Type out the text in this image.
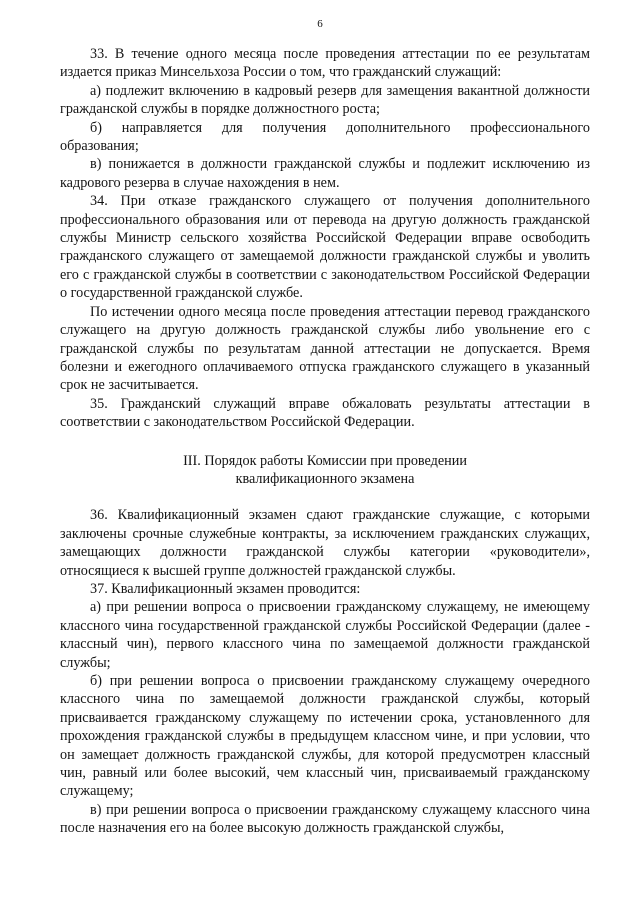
6

33. В течение одного месяца после проведения аттестации по ее результатам издается приказ Минсельхоза России о том, что гражданский служащий:

а) подлежит включению в кадровый резерв для замещения вакантной должности гражданской службы в порядке должностного роста;

б) направляется для получения дополнительного профессионального образования;

в) понижается в должности гражданской службы и подлежит исключению из кадрового резерва в случае нахождения в нем.

34. При отказе гражданского служащего от получения дополнительного профессионального образования или от перевода на другую должность гражданской службы Министр сельского хозяйства Российской Федерации вправе освободить гражданского служащего от замещаемой должности гражданской службы и уволить его с гражданской службы в соответствии с законодательством Российской Федерации о государственной гражданской службе.

По истечении одного месяца после проведения аттестации перевод гражданского служащего на другую должность гражданской службы либо увольнение его с гражданской службы по результатам данной аттестации не допускается. Время болезни и ежегодного оплачиваемого отпуска гражданского служащего в указанный срок не засчитывается.

35. Гражданский служащий вправе обжаловать результаты аттестации в соответствии с законодательством Российской Федерации.

III. Порядок работы Комиссии при проведении
квалификационного экзамена

36. Квалификационный экзамен сдают гражданские служащие, с которыми заключены срочные служебные контракты, за исключением гражданских служащих, замещающих должности гражданской службы категории «руководители», относящиеся к высшей группе должностей гражданской службы.

37. Квалификационный экзамен проводится:

а) при решении вопроса о присвоении гражданскому служащему, не имеющему классного чина государственной гражданской службы Российской Федерации (далее - классный чин), первого классного чина по замещаемой должности гражданской службы;

б) при решении вопроса о присвоении гражданскому служащему очередного классного чина по замещаемой должности гражданской службы, который присваивается гражданскому служащему по истечении срока, установленного для прохождения гражданской службы в предыдущем классном чине, и при условии, что он замещает должность гражданской службы, для которой предусмотрен классный чин, равный или более высокий, чем классный чин, присваиваемый гражданскому служащему;

в) при решении вопроса о присвоении гражданскому служащему классного чина после назначения его на более высокую должность гражданской службы,
